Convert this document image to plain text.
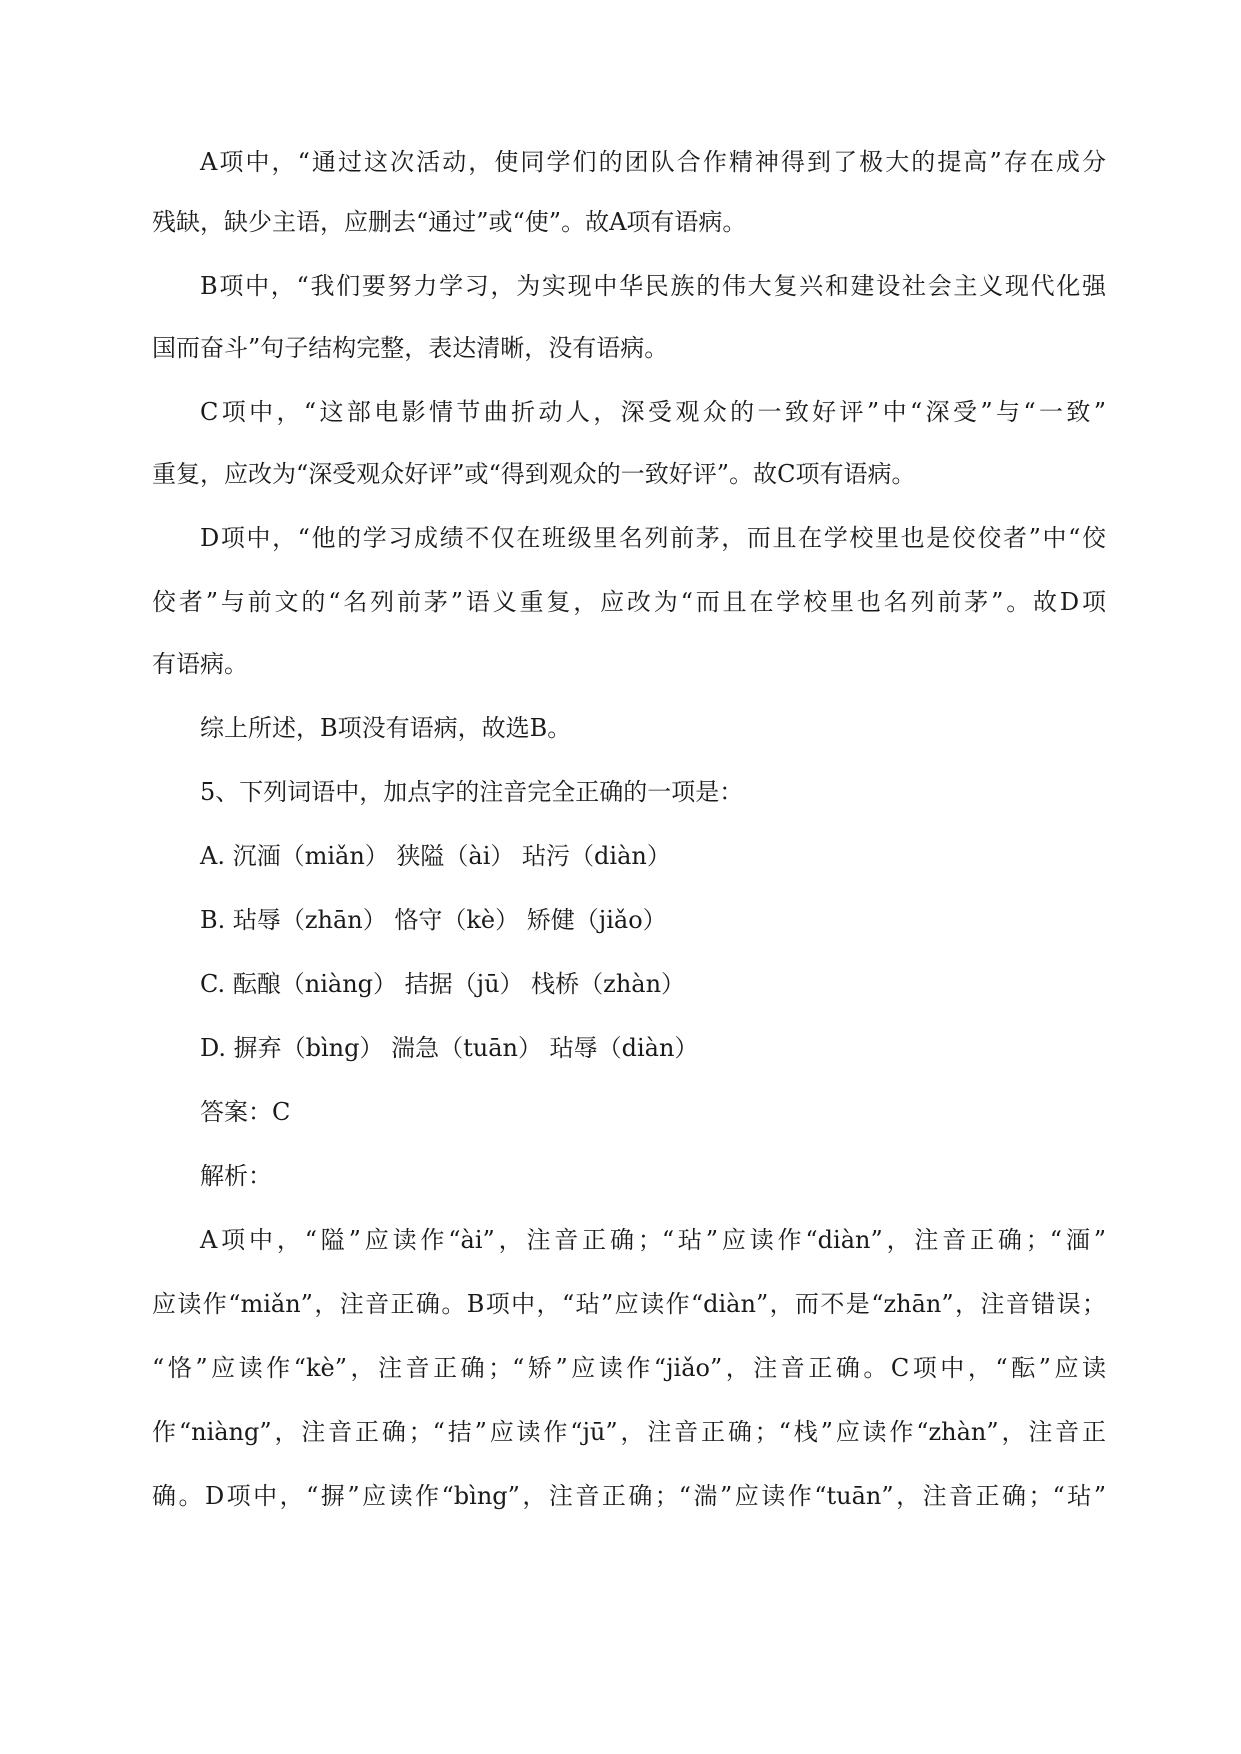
A项中，“通过这次活动，使同学们的团队合作精神得到了极大的提高”存在成分
残缺，缺少主语，应删去“通过”或“使”。故A项有语病。
B项中，“我们要努力学习，为实现中华民族的伟大复兴和建设社会主义现代化强
国而奋斗”句子结构完整，表达清晰，没有语病。
C项中，“这部电影情节曲折动人，深受观众的一致好评”中“深受”与“一致”
重复，应改为“深受观众好评”或“得到观众的一致好评”。故C项有语病。
D项中，“他的学习成绩不仅在班级里名列前茅，而且在学校里也是佼佼者”中“佼
佼者”与前文的“名列前茅”语义重复，应改为“而且在学校里也名列前茅”。故D项
有语病。
综上所述，B项没有语病，故选B。
5、下列词语中，加点字的注音完全正确的一项是：
A. 沉湎（miǎn） 狭隘（ài） 玷污（diàn）
B. 玷辱（zhān） 恪守（kè） 矫健（jiǎo）
C. 酝酿（niàng） 拮据（jū） 栈桥（zhàn）
D. 摒弃（bìng） 湍急（tuān） 玷辱（diàn）
答案：C
解析：
A项中，“隘”应读作“ài”，注音正确；“玷”应读作“diàn”，注音正确；“湎”
应读作“miǎn”，注音正确。B项中，“玷”应读作“diàn”，而不是“zhān”，注音错误；
“恪”应读作“kè”，注音正确；“矫”应读作“jiǎo”，注音正确。C项中，“酝”应读
作“niàng”，注音正确；“拮”应读作“jū”，注音正确；“栈”应读作“zhàn”，注音正
确。D项中，“摒”应读作“bìng”，注音正确；“湍”应读作“tuān”，注音正确；“玷”
